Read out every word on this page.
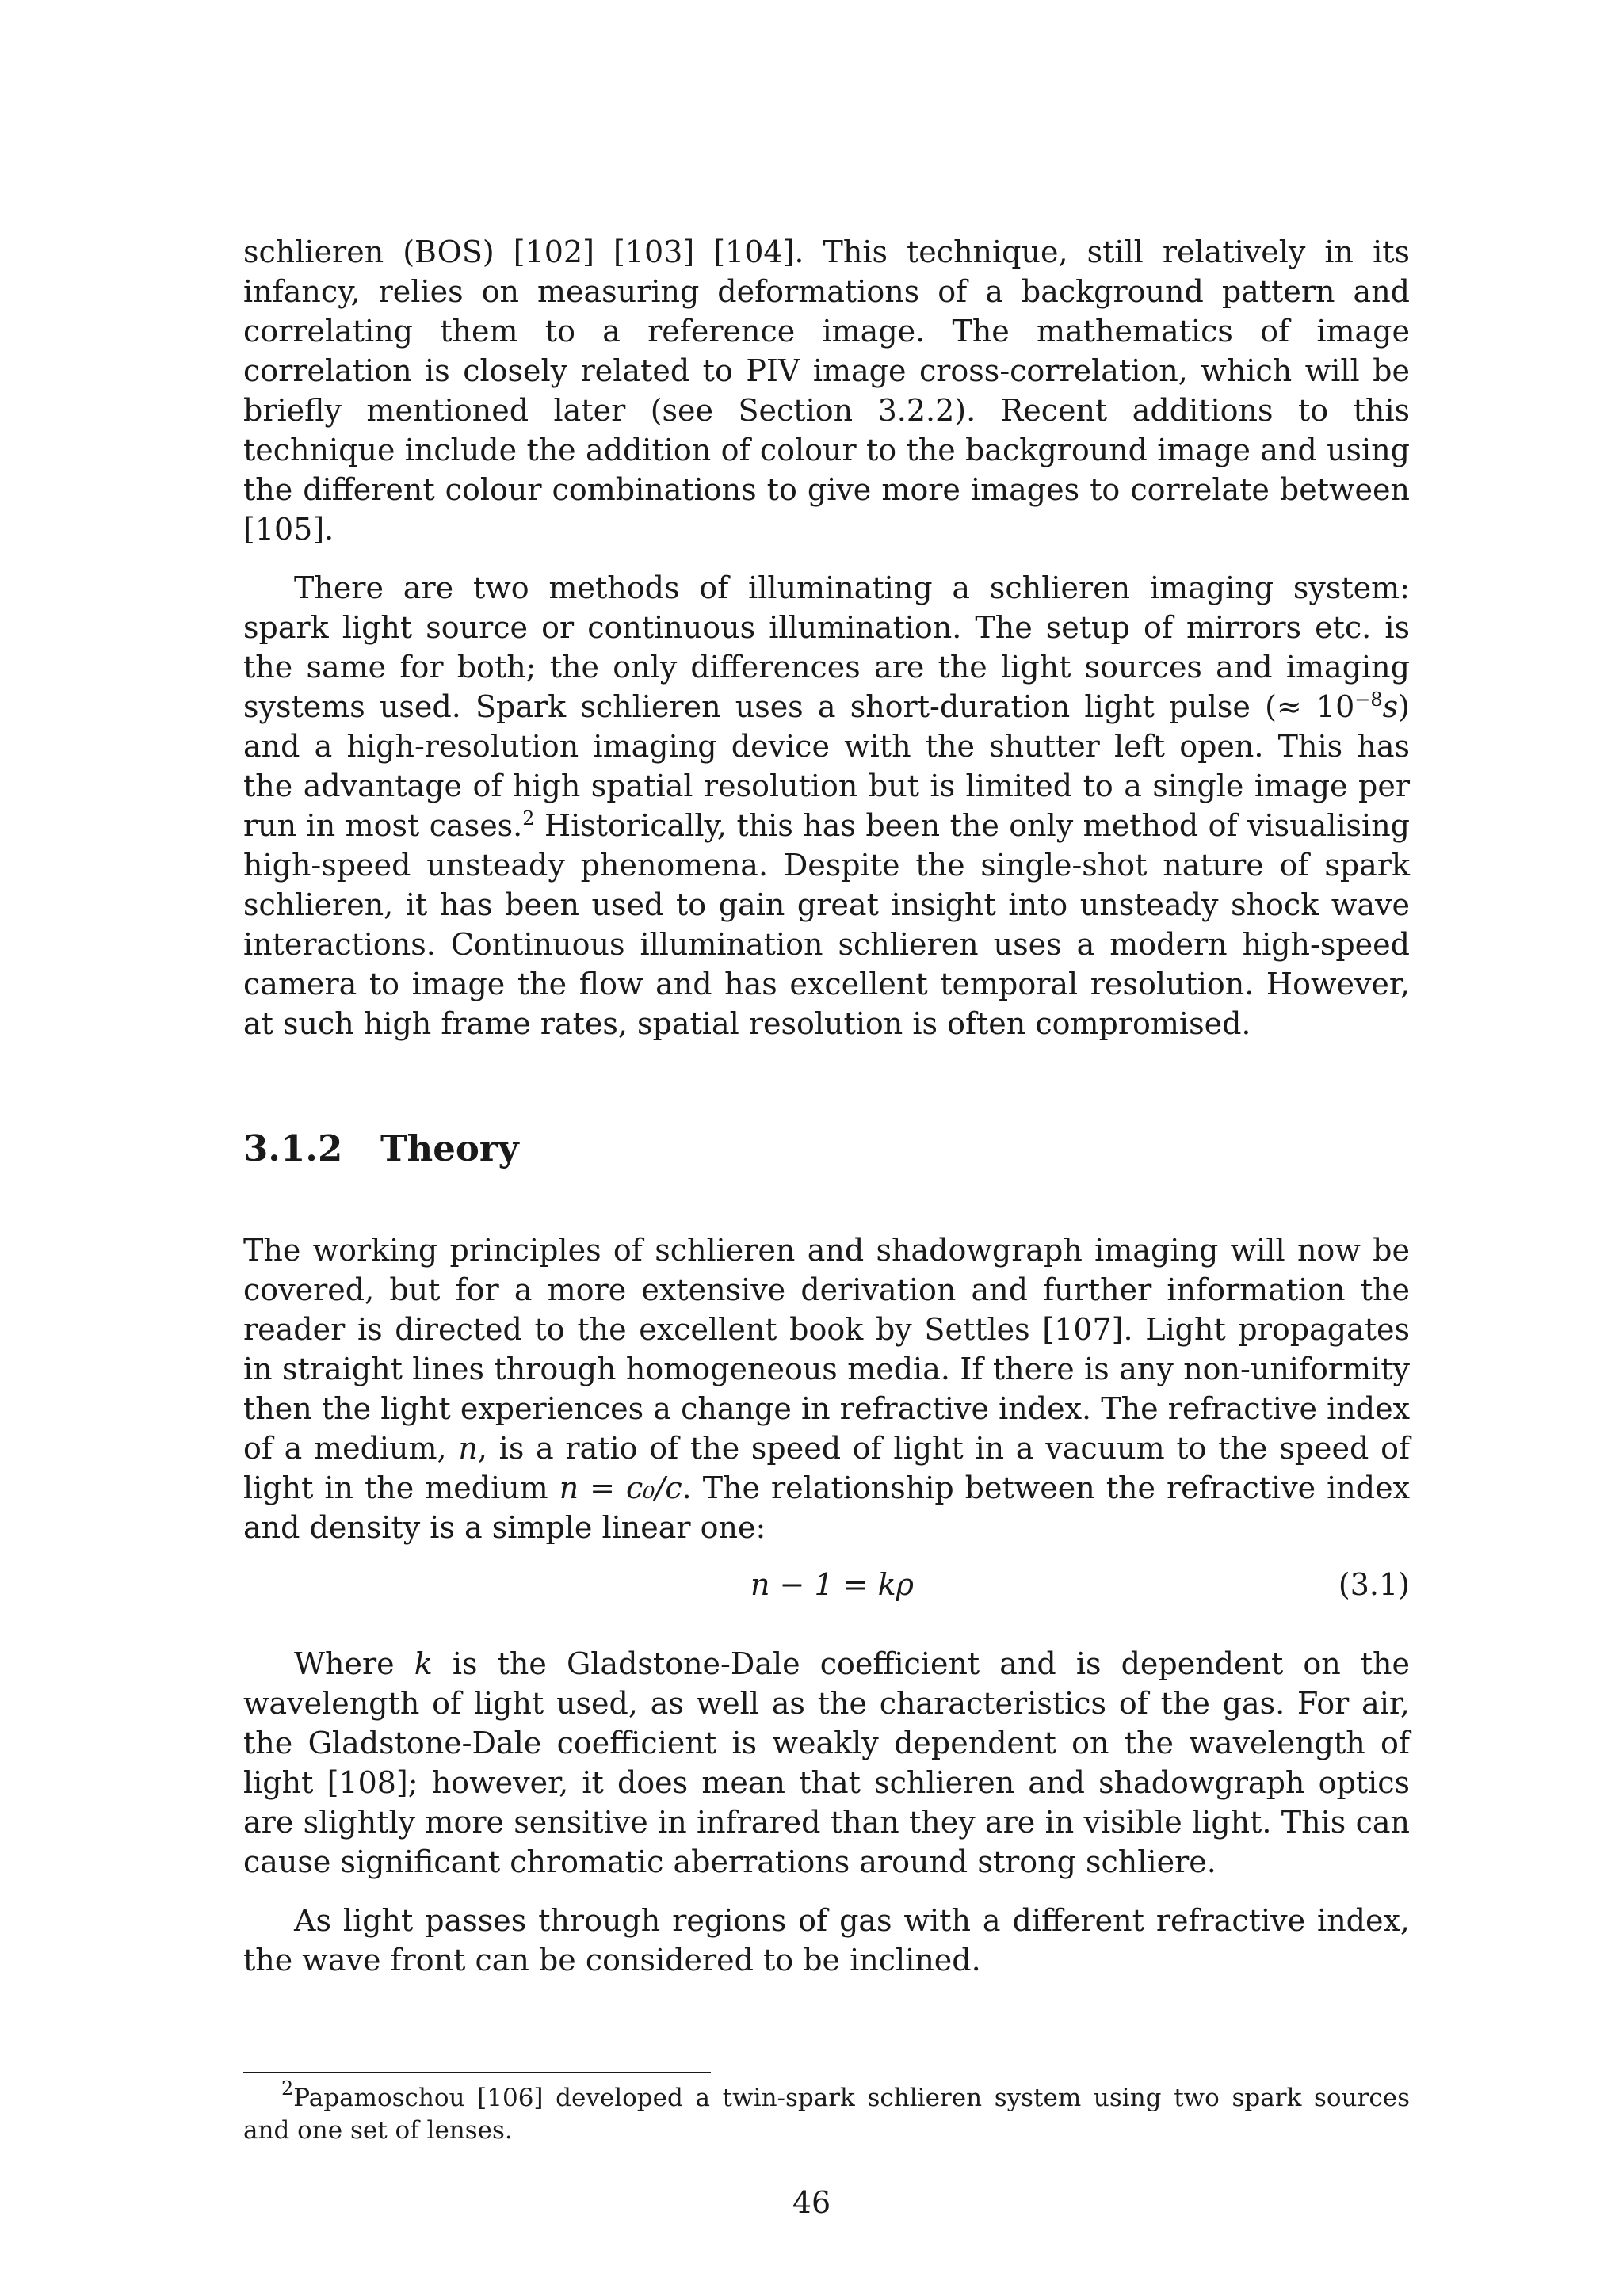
schlieren (BOS) [102] [103] [104]. This technique, still relatively in its infancy, relies on measuring deformations of a background pattern and correlating them to a reference image. The mathematics of image correlation is closely related to PIV image cross-correlation, which will be briefly mentioned later (see Section 3.2.2). Recent additions to this technique include the addition of colour to the background image and using the different colour combinations to give more images to correlate between [105].

There are two methods of illuminating a schlieren imaging system: spark light source or continuous illumination. The setup of mirrors etc. is the same for both; the only differences are the light sources and imaging systems used. Spark schlieren uses a short-duration light pulse (≈ $10^{-8}s$) and a high-resolution imaging device with the shutter left open. This has the advantage of high spatial resolution but is limited to a single image per run in most cases.$^2$ Historically, this has been the only method of visualising high-speed unsteady phenomena. Despite the single-shot nature of spark schlieren, it has been used to gain great insight into unsteady shock wave interactions. Continuous illumination schlieren uses a modern high-speed camera to image the flow and has excellent temporal resolution. However, at such high frame rates, spatial resolution is often compromised.

3.1.2 Theory

The working principles of schlieren and shadowgraph imaging will now be covered, but for a more extensive derivation and further information the reader is directed to the excellent book by Settles [107]. Light propagates in straight lines through homogeneous media. If there is any non-uniformity then the light experiences a change in refractive index. The refractive index of a medium, n, is a ratio of the speed of light in a vacuum to the speed of light in the medium n = c₀/c. The relationship between the refractive index and density is a simple linear one:

n − 1 = kρ	(3.1)

Where k is the Gladstone-Dale coefficient and is dependent on the wavelength of light used, as well as the characteristics of the gas. For air, the Gladstone-Dale coefficient is weakly dependent on the wavelength of light [108]; however, it does mean that schlieren and shadowgraph optics are slightly more sensitive in infrared than they are in visible light. This can cause significant chromatic aberrations around strong schliere.

As light passes through regions of gas with a different refractive index, the wave front can be considered to be inclined.

$^2$Papamoschou [106] developed a twin-spark schlieren system using two spark sources and one set of lenses.
46
